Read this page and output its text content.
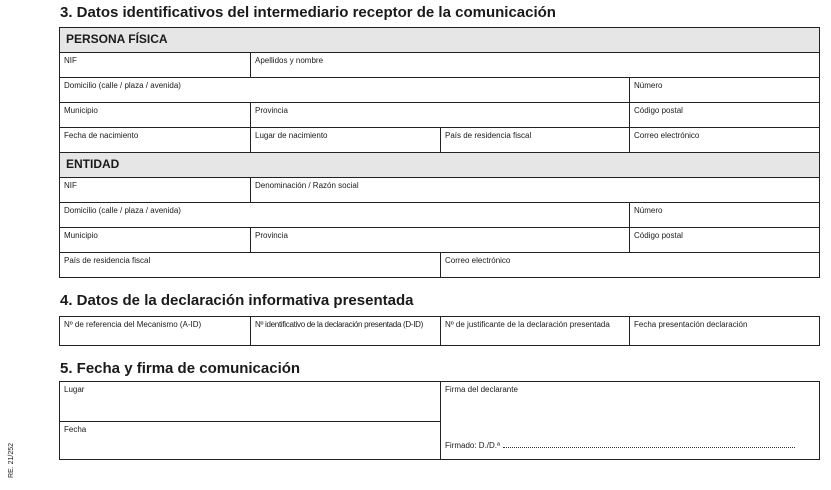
3. Datos identificativos del intermediario receptor de la comunicación
PERSONA FÍSICA			

NIF	Apellidos y nombre		

Domicilio (calle / plaza / avenida)			Número

Municipio	Provincia		Código postal

Fecha de nacimiento	Lugar de nacimiento	País de residencia fiscal	Correo electrónico

ENTIDAD			

NIF	Denominación / Razón social		

Domicilio (calle / plaza / avenida)			Número

Municipio	Provincia		Código postal

País de residencia fiscal		Correo electrónico	
4. Datos de la declaración informativa presentada
Nº de referencia del Mecanismo (A-ID)	Nº identificativo de la declaración presentada (D-ID)	Nº de justificante de la declaración presentada	Fecha presentación declaración
5. Fecha y firma de comunicación
Lugar	Firma del declarante
Firmado: D./D.ª

Fecha
RE. 21/252
